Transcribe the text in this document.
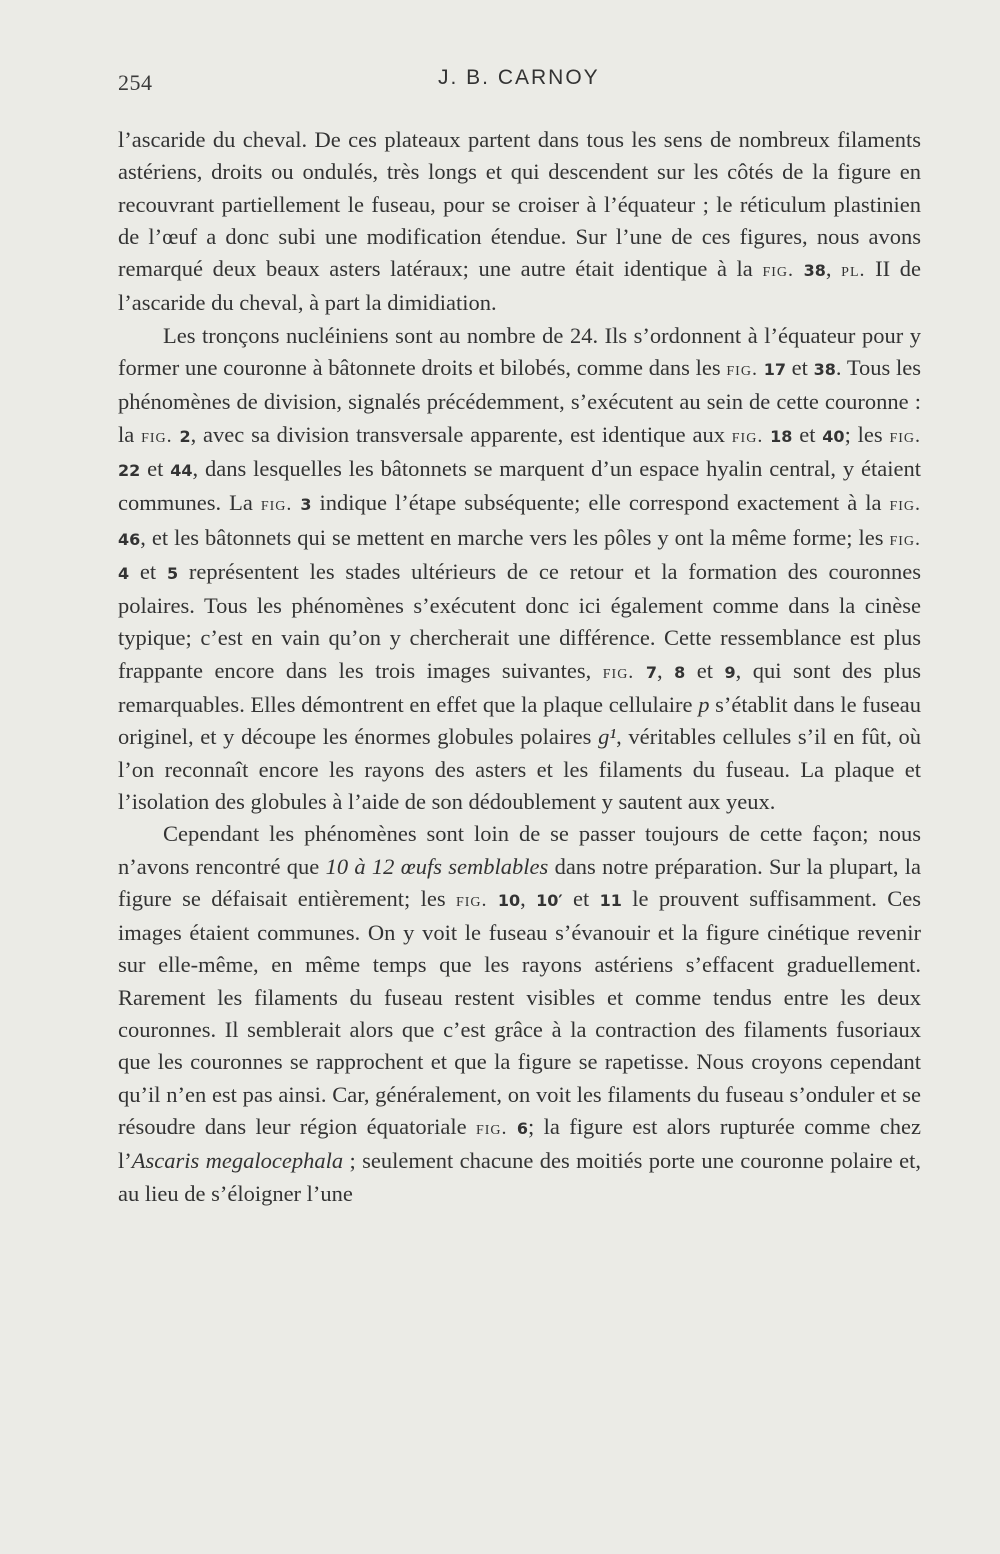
254	J. B. CARNOY

l’ascaride du cheval. De ces plateaux partent dans tous les sens de nombreux filaments astériens, droits ou ondulés, très longs et qui descendent sur les côtés de la figure en recouvrant partiellement le fuseau, pour se croiser à l’équateur ; le réticulum plastinien de l’œuf a donc subi une modification étendue. Sur l’une de ces figures, nous avons remarqué deux beaux asters latéraux; une autre était identique à la fig. 38, pl. II de l’ascaride du cheval, à part la dimidiation.

Les tronçons nucléiniens sont au nombre de 24. Ils s’ordonnent à l’équateur pour y former une couronne à bâtonnete droits et bilobés, comme dans les fig. 17 et 38. Tous les phénomènes de division, signalés précédemment, s’exécutent au sein de cette couronne : la fig. 2, avec sa division transversale apparente, est identique aux fig. 18 et 40; les fig. 22 et 44, dans lesquelles les bâtonnets se marquent d’un espace hyalin central, y étaient communes. La fig. 3 indique l’étape subséquente; elle correspond exactement à la fig. 46, et les bâtonnets qui se mettent en marche vers les pôles y ont la même forme; les fig. 4 et 5 représentent les stades ultérieurs de ce retour et la formation des couronnes polaires. Tous les phénomènes s’exécutent donc ici également comme dans la cinèse typique; c’est en vain qu’on y chercherait une différence. Cette ressemblance est plus frappante encore dans les trois images suivantes, fig. 7, 8 et 9, qui sont des plus remarquables. Elles démontrent en effet que la plaque cellulaire p s’établit dans le fuseau originel, et y découpe les énormes globules polaires g¹, véritables cellules s’il en fût, où l’on reconnaît encore les rayons des asters et les filaments du fuseau. La plaque et l’isolation des globules à l’aide de son dédoublement y sautent aux yeux.

Cependant les phénomènes sont loin de se passer toujours de cette façon; nous n’avons rencontré que 10 à 12 œufs semblables dans notre préparation. Sur la plupart, la figure se défaisait entièrement; les fig. 10, 10′ et 11 le prouvent suffisamment. Ces images étaient communes. On y voit le fuseau s’évanouir et la figure cinétique revenir sur elle-même, en même temps que les rayons astériens s’effacent graduellement. Rarement les filaments du fuseau restent visibles et comme tendus entre les deux couronnes. Il semblerait alors que c’est grâce à la contraction des filaments fusoriaux que les couronnes se rapprochent et que la figure se rapetisse. Nous croyons cependant qu’il n’en est pas ainsi. Car, généralement, on voit les filaments du fuseau s’onduler et se résoudre dans leur région équatoriale fig. 6; la figure est alors rupturée comme chez l’Ascaris megalocephala ; seulement chacune des moitiés porte une couronne polaire et, au lieu de s’éloigner l’une
